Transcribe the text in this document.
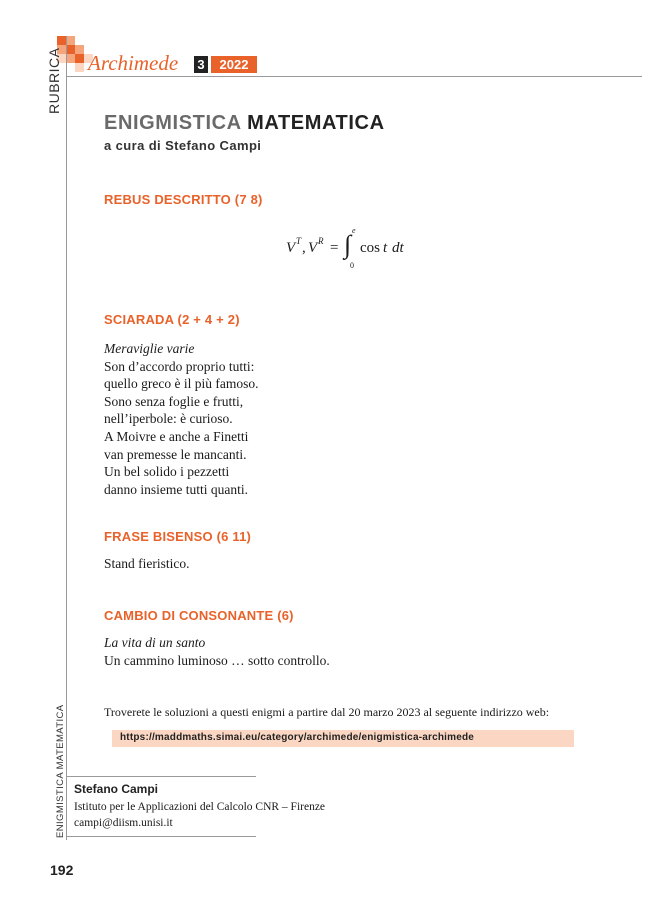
RUBRICA Archimede 3	2022
ENIGMISTICA MATEMATICA
a cura di Stefano Campi
REBUS DESCRITTO (7 8)
V T , V R = ∫ e
0
cos t dt
SCIARADA (2 + 4 + 2)
Meraviglie varie
Son d’accordo proprio tutti:
quello greco è il più famoso.
Sono senza foglie e frutti,
nell’iperbole: è curioso.
A Moivre e anche a Finetti
van premesse le mancanti.
Un bel solido i pezzetti
danno insieme tutti quanti.
FRASE BISENSO (6 11)
Stand fieristico.
CAMBIO DI CONSONANTE (6)
La vita di un santo
Un cammino luminoso … sotto controllo.
Troverete le soluzioni a questi enigmi a partire dal 20 marzo 2023 al seguente indirizzo web:
https://maddmaths.simai.eu/category/archimede/enigmistica-archimede
Stefano Campi
Istituto per le Applicazioni del Calcolo CNR – Firenze
campi@diism.unisi.it
ENIGMISTICA MATEMATICA
192
